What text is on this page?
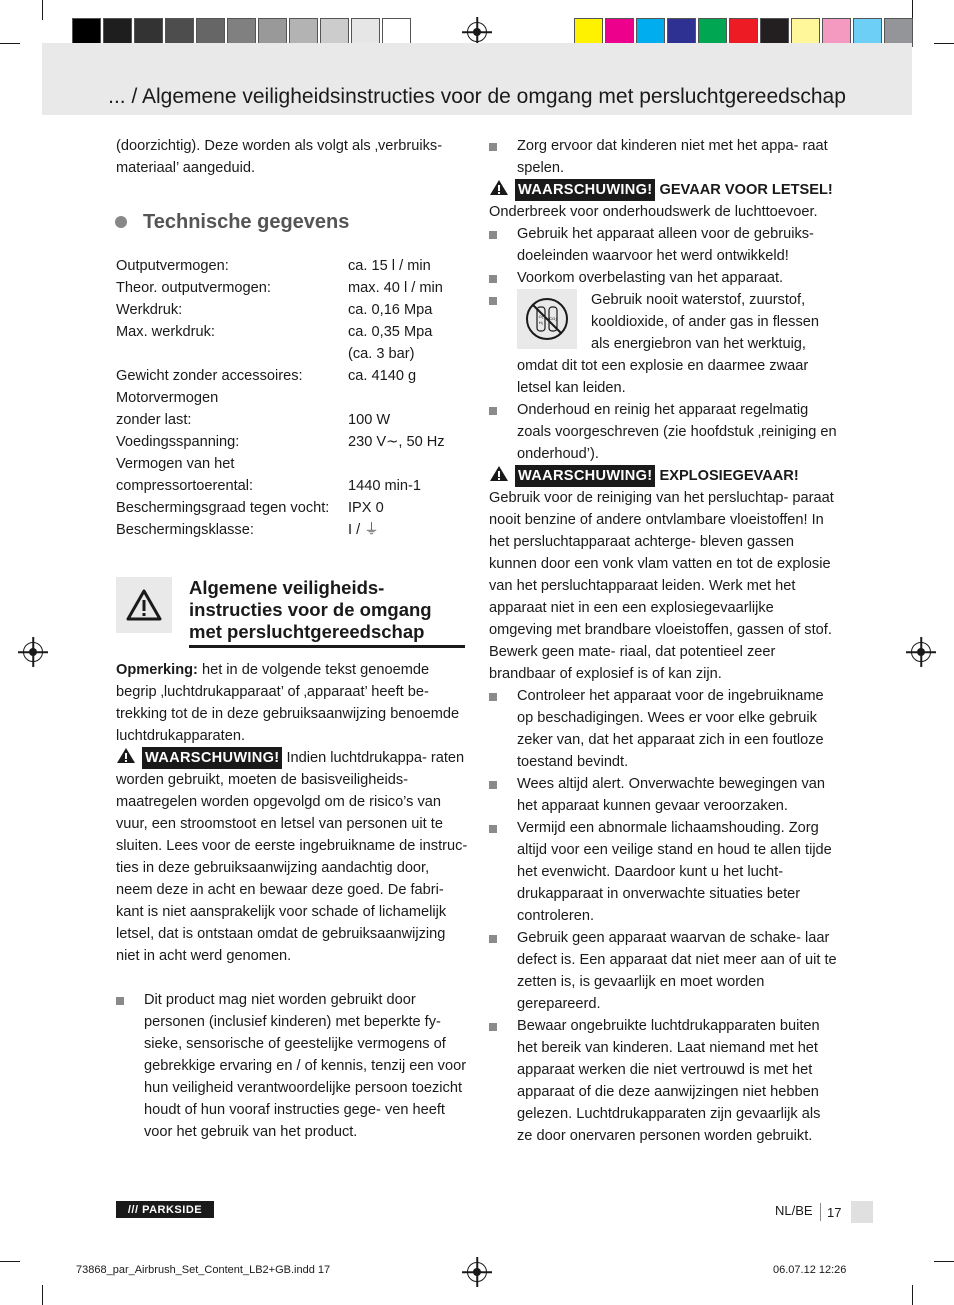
... / Algemene veiligheidsinstructies voor de omgang met persluchtgereedschap

(doorzichtig). Deze worden als volgt als ‚verbruiks-
materiaal’ aangeduid.

Technische gegevens
Outputvermogen:	ca. 15 l / min
Theor. outputvermogen:	max. 40 l / min
Werkdruk:	ca. 0,16 Mpa
Max. werkdruk:	ca. 0,35 Mpa
	(ca. 3 bar)
Gewicht zonder accessoires:	ca. 4140 g
Motorvermogen	
zonder last:	100 W
Voedingsspanning:	230 V∼, 50 Hz
Vermogen van het	
compressortoerental:	1440 min-1
Beschermingsgraad tegen vocht:	IPX 0
Beschermingsklasse:	I / ⏚
Algemene veiligheids-
instructies voor de omgang
met persluchtgereedschap

Opmerking: het in de volgende tekst genoemde begrip ‚luchtdrukapparaat’ of ‚apparaat’ heeft be- trekking tot de in deze gebruiksaanwijzing benoemde luchtdrukapparaten.

WAARSCHUWING! Indien luchtdrukappa- raten worden gebruikt, moeten de basisveiligheids- maatregelen worden opgevolgd om de risico’s van vuur, een stroomstoot en letsel van personen uit te sluiten. Lees voor de eerste ingebruikname de instruc- ties in deze gebruiksaanwijzing aandachtig door, neem deze in acht en bewaar deze goed. De fabri- kant is niet aansprakelijk voor schade of lichamelijk letsel, dat is ontstaan omdat de gebruiksaanwijzing niet in acht werd genomen.

Dit product mag niet worden gebruikt door personen (inclusief kinderen) met beperkte fy- sieke, sensorische of geestelijke vermogens of gebrekkige ervaring en / of kennis, tenzij een voor hun veiligheid verantwoordelijke persoon toezicht houdt of hun vooraf instructies gege- ven heeft voor het gebruik van het product.
Zorg ervoor dat kinderen niet met het appa- raat spelen.

WAARSCHUWING! GEVAAR VOOR LETSEL! Onderbreek voor onderhoudswerk de luchttoevoer.

Gebruik het apparaat alleen voor de gebruiks- doeleinden waarvoor het werd ontwikkeld!
Voorkom overbelasting van het apparaat.
O₂
H₂
CO₂
Gebruik nooit waterstof, zuurstof, kooldioxide, of ander gas in flessen als energiebron van het werktuig,
omdat dit tot een explosie en daarmee zwaar letsel kan leiden.
Onderhoud en reinig het apparaat regelmatig zoals voorgeschreven (zie hoofdstuk ‚reiniging en onderhoud’).

WAARSCHUWING! EXPLOSIEGEVAAR!
Gebruik voor de reiniging van het persluchtap- paraat nooit benzine of andere ontvlambare vloeistoffen! In het persluchtapparaat achterge- bleven gassen kunnen door een vonk vlam vatten en tot de explosie van het persluchtapparaat leiden. Werk met het apparaat niet in een een explosiegevaarlijke omgeving met brandbare vloeistoffen, gassen of stof. Bewerk geen mate- riaal, dat potentieel zeer brandbaar of explosief is of kan zijn.

Controleer het apparaat voor de ingebruikname op beschadigingen. Wees er voor elke gebruik zeker van, dat het apparaat zich in een foutloze toestand bevindt.
Wees altijd alert. Onverwachte bewegingen van het apparaat kunnen gevaar veroorzaken.
Vermijd een abnormale lichaamshouding. Zorg altijd voor een veilige stand en houd te allen tijde het evenwicht. Daardoor kunt u het lucht- drukapparaat in onverwachte situaties beter controleren.
Gebruik geen apparaat waarvan de schake- laar defect is. Een apparaat dat niet meer aan of uit te zetten is, is gevaarlijk en moet worden gerepareerd.
Bewaar ongebruikte luchtdrukapparaten buiten het bereik van kinderen. Laat niemand met het apparaat werken die niet vertrouwd is met het apparaat of die deze aanwijzingen niet hebben gelezen. Luchtdrukapparaten zijn gevaarlijk als ze door onervaren personen worden gebruikt.
/// PARKSIDE	NL/BE 17
73868_par_Airbrush_Set_Content_LB2+GB.indd 17	06.07.12 12:26
